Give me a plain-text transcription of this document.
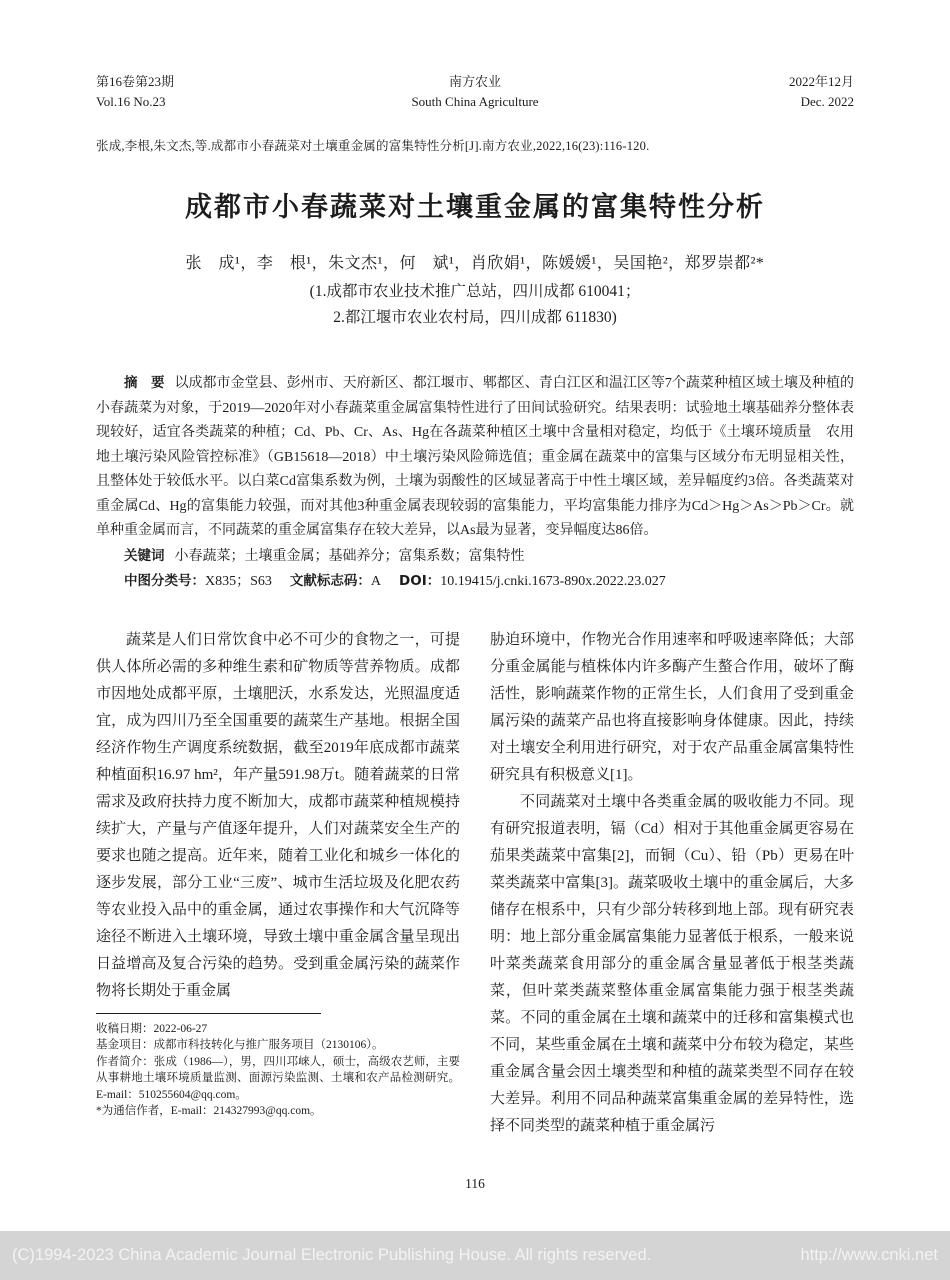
第16卷第23期
Vol.16 No.23
南方农业
South China Agriculture
2022年12月
Dec. 2022

张成,李根,朱文杰,等.成都市小春蔬菜对土壤重金属的富集特性分析[J].南方农业,2022,16(23):116-120.

成都市小春蔬菜对土壤重金属的富集特性分析

张　成¹，李　根¹，朱文杰¹，何　斌¹，肖欣娟¹，陈媛媛¹，吴国艳²，郑罗崇都²*

(1.成都市农业技术推广总站，四川成都 610041；

2.都江堰市农业农村局，四川成都 611830)

摘　要 以成都市金堂县、彭州市、天府新区、都江堰市、郫都区、青白江区和温江区等7个蔬菜种植区域土壤及种植的小春蔬菜为对象，于2019—2020年对小春蔬菜重金属富集特性进行了田间试验研究。结果表明：试验地土壤基础养分整体表现较好，适宜各类蔬菜的种植；Cd、Pb、Cr、As、Hg在各蔬菜种植区土壤中含量相对稳定，均低于《土壤环境质量　农用地土壤污染风险管控标准》（GB15618—2018）中土壤污染风险筛选值；重金属在蔬菜中的富集与区域分布无明显相关性，且整体处于较低水平。以白菜Cd富集系数为例，土壤为弱酸性的区域显著高于中性土壤区域，差异幅度约3倍。各类蔬菜对重金属Cd、Hg的富集能力较强，而对其他3种重金属表现较弱的富集能力，平均富集能力排序为Cd＞Hg＞As＞Pb＞Cr。就单种重金属而言，不同蔬菜的重金属富集存在较大差异，以As最为显著，变异幅度达86倍。

关键词 小春蔬菜；土壤重金属；基础养分；富集系数；富集特性

中图分类号：X835；S63 文献标志码：A DOI：10.19415/j.cnki.1673-890x.2022.23.027

蔬菜是人们日常饮食中必不可少的食物之一，可提供人体所必需的多种维生素和矿物质等营养物质。成都市因地处成都平原，土壤肥沃，水系发达，光照温度适宜，成为四川乃至全国重要的蔬菜生产基地。根据全国经济作物生产调度系统数据，截至2019年底成都市蔬菜种植面积16.97 hm²，年产量591.98万t。随着蔬菜的日常需求及政府扶持力度不断加大，成都市蔬菜种植规模持续扩大，产量与产值逐年提升，人们对蔬菜安全生产的要求也随之提高。近年来，随着工业化和城乡一体化的逐步发展，部分工业“三废”、城市生活垃圾及化肥农药等农业投入品中的重金属，通过农事操作和大气沉降等途径不断进入土壤环境，导致土壤中重金属含量呈现出日益增高及复合污染的趋势。受到重金属污染的蔬菜作物将长期处于重金属

收稿日期：2022-06-27

基金项目：成都市科技转化与推广服务项目（2130106）。

作者简介：张成（1986—），男，四川邛崃人，硕士，高级农艺师，主要从事耕地土壤环境质量监测、面源污染监测、土壤和农产品检测研究。E-mail：510255604@qq.com。

*为通信作者，E-mail：214327993@qq.com。

胁迫环境中，作物光合作用速率和呼吸速率降低；大部分重金属能与植株体内许多酶产生螯合作用，破坏了酶活性，影响蔬菜作物的正常生长，人们食用了受到重金属污染的蔬菜产品也将直接影响身体健康。因此，持续对土壤安全利用进行研究，对于农产品重金属富集特性研究具有积极意义[1]。

不同蔬菜对土壤中各类重金属的吸收能力不同。现有研究报道表明，镉（Cd）相对于其他重金属更容易在茄果类蔬菜中富集[2]，而铜（Cu）、铅（Pb）更易在叶菜类蔬菜中富集[3]。蔬菜吸收土壤中的重金属后，大多储存在根系中，只有少部分转移到地上部。现有研究表明：地上部分重金属富集能力显著低于根系，一般来说叶菜类蔬菜食用部分的重金属含量显著低于根茎类蔬菜，但叶菜类蔬菜整体重金属富集能力强于根茎类蔬菜。不同的重金属在土壤和蔬菜中的迁移和富集模式也不同，某些重金属在土壤和蔬菜中分布较为稳定，某些重金属含量会因土壤类型和种植的蔬菜类型不同存在较大差异。利用不同品种蔬菜富集重金属的差异特性，选择不同类型的蔬菜种植于重金属污

116
(C)1994-2023 China Academic Journal Electronic Publishing House. All rights reserved.	http://www.cnki.net
